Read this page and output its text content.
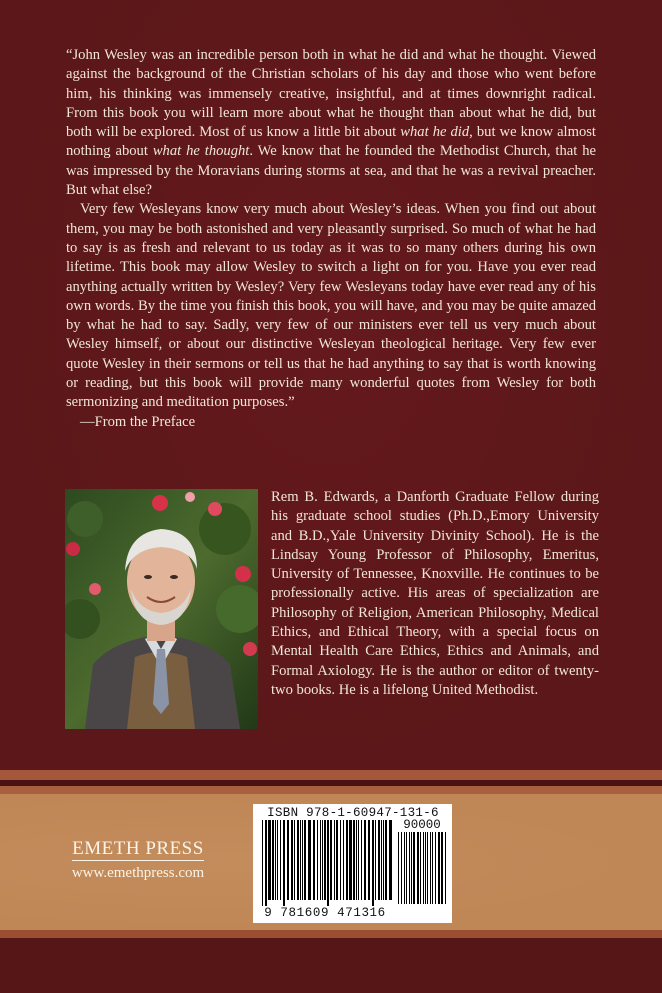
“John Wesley was an incredible person both in what he did and what he thought. Viewed against the background of the Christian scholars of his day and those who went before him, his thinking was immensely creative, insightful, and at times downright radical. From this book you will learn more about what he thought than about what he did, but both will be explored. Most of us know a little bit about what he did, but we know almost nothing about what he thought. We know that he founded the Methodist Church, that he was impressed by the Moravians during storms at sea, and that he was a revival preacher. But what else?

Very few Wesleyans know very much about Wesley’s ideas. When you find out about them, you may be both astonished and very pleasantly surprised. So much of what he had to say is as fresh and relevant to us today as it was to so many others during his own lifetime. This book may allow Wesley to switch a light on for you. Have you ever read anything actually written by Wesley? Very few Wesleyans today have ever read any of his own words. By the time you finish this book, you will have, and you may be quite amazed by what he had to say. Sadly, very few of our ministers ever tell us very much about Wesley himself, or about our distinctive Wesleyan theological heritage. Very few ever quote Wesley in their sermons or tell us that he had anything to say that is worth knowing or reading, but this book will provide many wonderful quotes from Wesley for both sermonizing and meditation purposes.”

—From the Preface

Rem B. Edwards, a Danforth Graduate Fellow during his graduate school studies (Ph.D.,Emory University and B.D.,Yale University Divinity School). He is the Lindsay Young Professor of Philosophy, Emeritus, University of Tennessee, Knoxville. He continues to be professionally active. His areas of specialization are Philosophy of Religion, American Philosophy, Medical Ethics, and Ethical Theory, with a special focus on Mental Health Care Ethics, Ethics and Animals, and Formal Axiology. He is the author or editor of twenty-two books. He is a lifelong United Methodist.
EMETH PRESS
www.emethpress.com
ISBN 978-1-60947-131-6
90000
9 781609 471316
